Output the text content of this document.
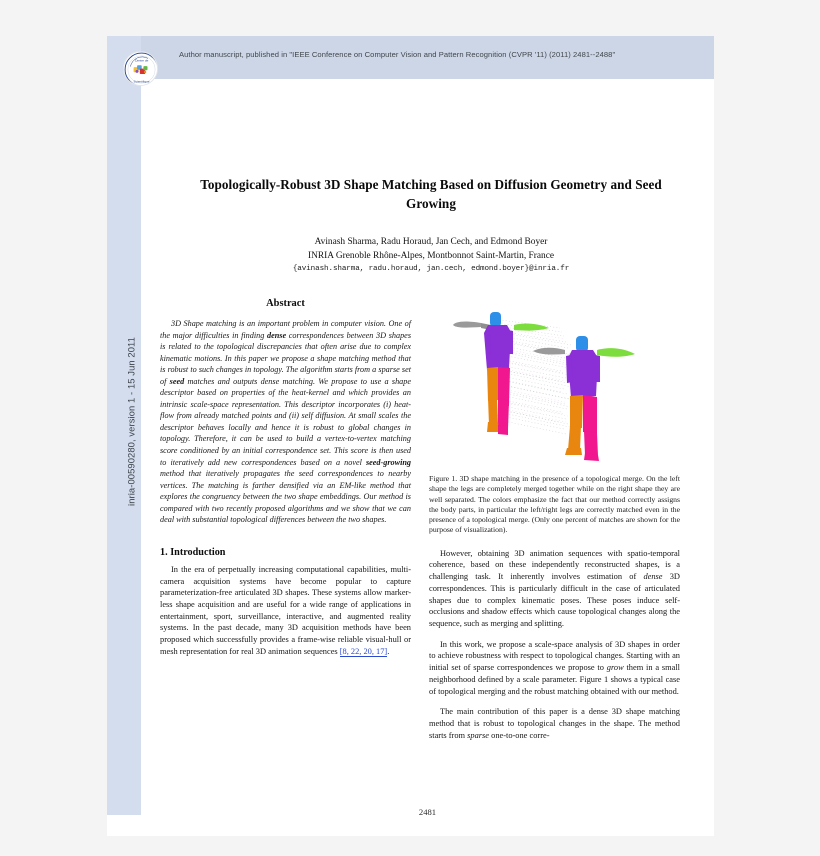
Author manuscript, published in "IEEE Conference on Computer Vision and Pattern Recognition (CVPR '11) (2011) 2481--2488"
inria-00590280, version 1 - 15 Jun 2011
Centre de
Scientifique
Topologically-Robust 3D Shape Matching Based on Diffusion Geometry and Seed Growing
Avinash Sharma, Radu Horaud, Jan Cech, and Edmond Boyer
INRIA Grenoble Rhône-Alpes, Montbonnot Saint-Martin, France
{avinash.sharma, radu.horaud, jan.cech, edmond.boyer}@inria.fr
Abstract

3D Shape matching is an important problem in computer vision. One of the major difficulties in finding dense correspondences between 3D shapes is related to the topological discrepancies that often arise due to complex kinematic motions. In this paper we propose a shape matching method that is robust to such changes in topology. The algorithm starts from a sparse set of seed matches and outputs dense matching. We propose to use a shape descriptor based on properties of the heat-kernel and which provides an intrinsic scale-space representation. This descriptor incorporates (i) heat-flow from already matched points and (ii) self diffusion. At small scales the descriptor behaves locally and hence it is robust to global changes in topology. Therefore, it can be used to build a vertex-to-vertex matching score conditioned by an initial correspondence set. This score is then used to iteratively add new correspondences based on a novel seed-growing method that iteratively propagates the seed correspondences to nearby vertices. The matching is farther densified via an EM-like method that explores the congruency between the two shape embeddings. Our method is compared with two recently proposed algorithms and we show that we can deal with substantial topological differences between the two shapes.

1. Introduction

In the era of perpetually increasing computational capabilities, multi-camera acquisition systems have become popular to capture parameterization-free articulated 3D shapes. These systems allow marker-less shape acquisition and are useful for a wide range of applications in entertainment, sport, surveillance, interactive, and augmented reality systems. In the past decade, many 3D acquisition methods have been proposed which successfully provides a frame-wise reliable visual-hull or mesh representation for real 3D animation sequences [8, 22, 20, 17].

Figure 1. 3D shape matching in the presence of a topological merge. On the left shape the legs are completely merged together while on the right shape they are well separated. The colors emphasize the fact that our method correctly assigns the body parts, in particular the left/right legs are correctly matched even in the presence of a topological merge. (Only one percent of matches are shown for the purpose of visualization).

However, obtaining 3D animation sequences with spatio-temporal coherence, based on these independently reconstructed shapes, is a challenging task. It inherently involves estimation of dense 3D correspondences. This is particularly difficult in the case of articulated shapes due to complex kinematic poses. These poses induce self-occlusions and shadow effects which cause topological changes along the sequence, such as merging and splitting.

In this work, we propose a scale-space analysis of 3D shapes in order to achieve robustness with respect to topological changes. Starting with an initial set of sparse correspondences we propose to grow them in a small neighborhood defined by a scale parameter. Figure 1 shows a typical case of topological merging and the robust matching obtained with our method.

The main contribution of this paper is a dense 3D shape matching method that is robust to topological changes in the shape. The method starts from sparse one-to-one corre-

2481
